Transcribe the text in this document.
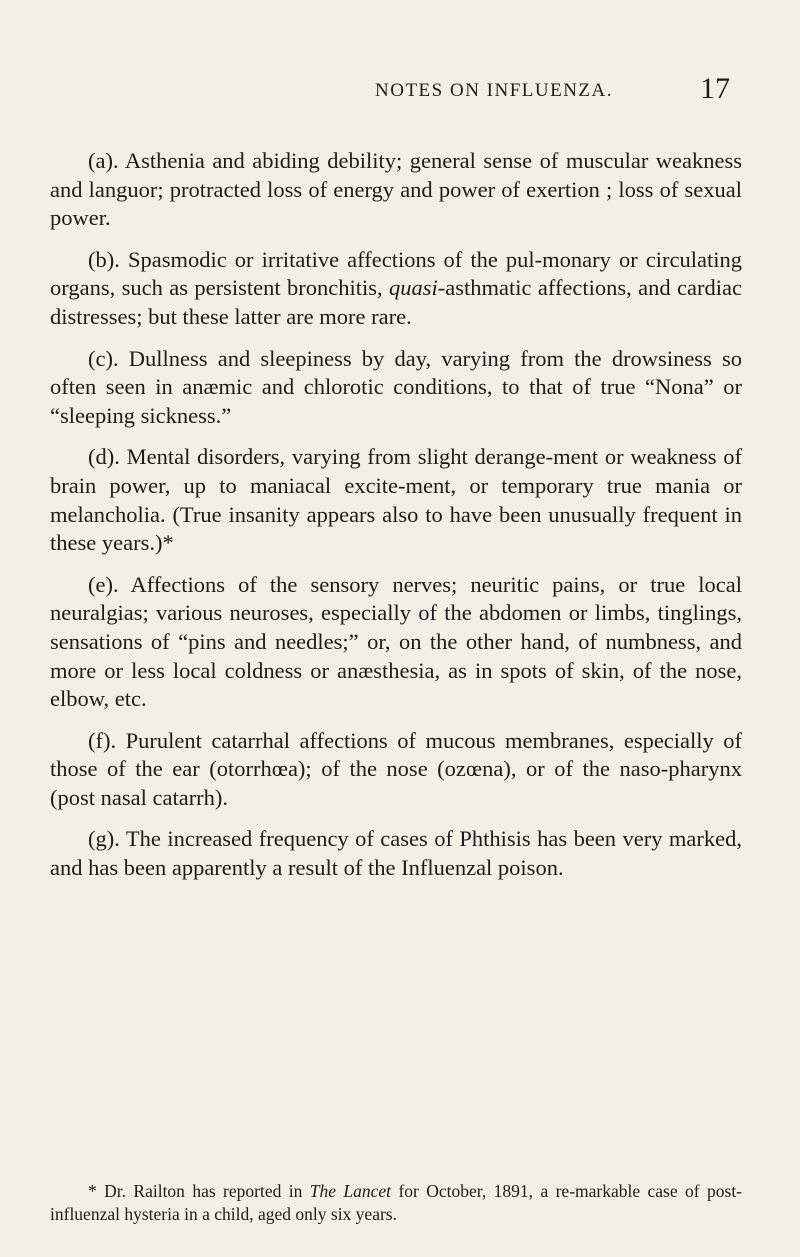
NOTES ON INFLUENZA.	17

(a). Asthenia and abiding debility; general sense of muscular weakness and languor; protracted loss of energy and power of exertion ; loss of sexual power.

(b). Spasmodic or irritative affections of the pul-monary or circulating organs, such as persistent bronchitis, quasi-asthmatic affections, and cardiac distresses; but these latter are more rare.

(c). Dullness and sleepiness by day, varying from the drowsiness so often seen in anæmic and chlorotic conditions, to that of true “Nona” or “sleeping sickness.”

(d). Mental disorders, varying from slight derange-ment or weakness of brain power, up to maniacal excite-ment, or temporary true mania or melancholia. (True insanity appears also to have been unusually frequent in these years.)*

(e). Affections of the sensory nerves; neuritic pains, or true local neuralgias; various neuroses, especially of the abdomen or limbs, tinglings, sensations of “pins and needles;” or, on the other hand, of numbness, and more or less local coldness or anæsthesia, as in spots of skin, of the nose, elbow, etc.

(f). Purulent catarrhal affections of mucous membranes, especially of those of the ear (otorrhœa); of the nose (ozœna), or of the naso-pharynx (post nasal catarrh).

(g). The increased frequency of cases of Phthisis has been very marked, and has been apparently a result of the Influenzal poison.

* Dr. Railton has reported in The Lancet for October, 1891, a re-markable case of post-influenzal hysteria in a child, aged only six years.
